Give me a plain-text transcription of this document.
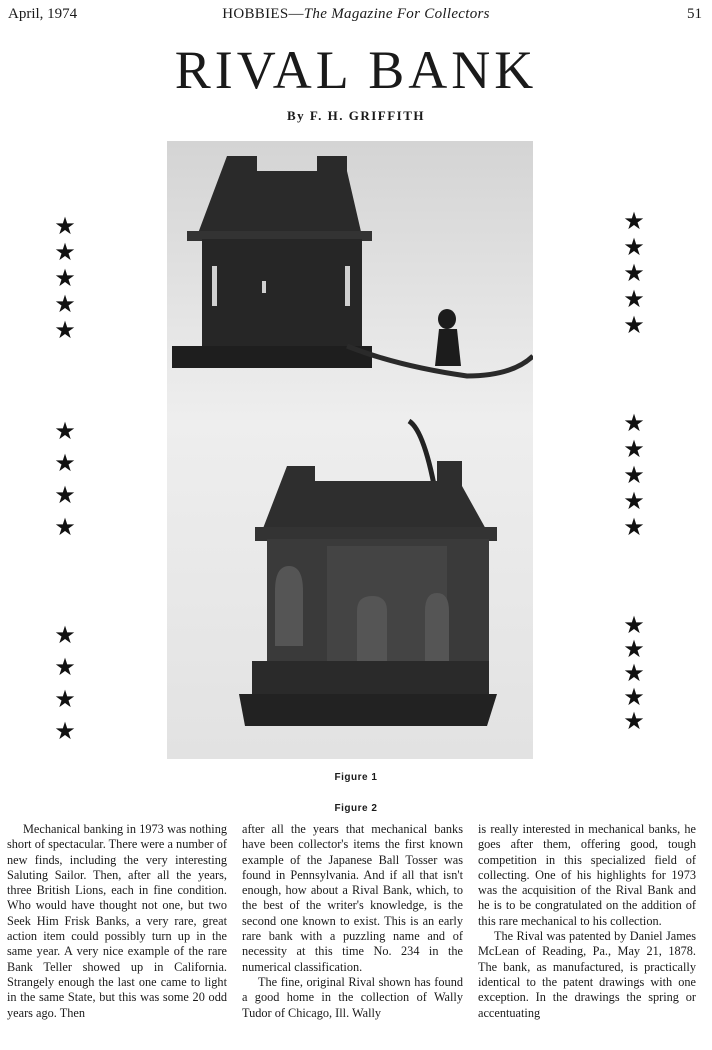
April, 1974	HOBBIES—The Magazine For Collectors	51
RIVAL BANK
By F. H. GRIFFITH
★
★
★
★
★
★
★
★
★
★
★
★
★
★
★
★
★
★
★
★
★
★
★
★
★
★
★
★
Figure 1
Figure 2

Mechanical banking in 1973 was nothing short of spectacular. There were a number of new finds, including the very interesting Saluting Sailor. Then, after all the years, three British Lions, each in fine condition. Who would have thought not one, but two Seek Him Frisk Banks, a very rare, great action item could possibly turn up in the same year. A very nice example of the rare Bank Teller showed up in California. Strangely enough the last one came to light in the same State, but this was some 20 odd years ago. Then

after all the years that mechanical banks have been collector's items the first known example of the Japanese Ball Tosser was found in Pennsylvania. And if all that isn't enough, how about a Rival Bank, which, to the best of the writer's knowledge, is the second one known to exist. This is an early rare bank with a puzzling name and of necessity at this time No. 234 in the numerical classification.

The fine, original Rival shown has found a good home in the collection of Wally Tudor of Chicago, Ill. Wally

is really interested in mechanical banks, he goes after them, offering good, tough competition in this specialized field of collecting. One of his highlights for 1973 was the acquisition of the Rival Bank and he is to be congratulated on the addition of this rare mechanical to his collection.

The Rival was patented by Daniel James McLean of Reading, Pa., May 21, 1878. The bank, as manufactured, is practically identical to the patent drawings with one exception. In the drawings the spring or accentuating
